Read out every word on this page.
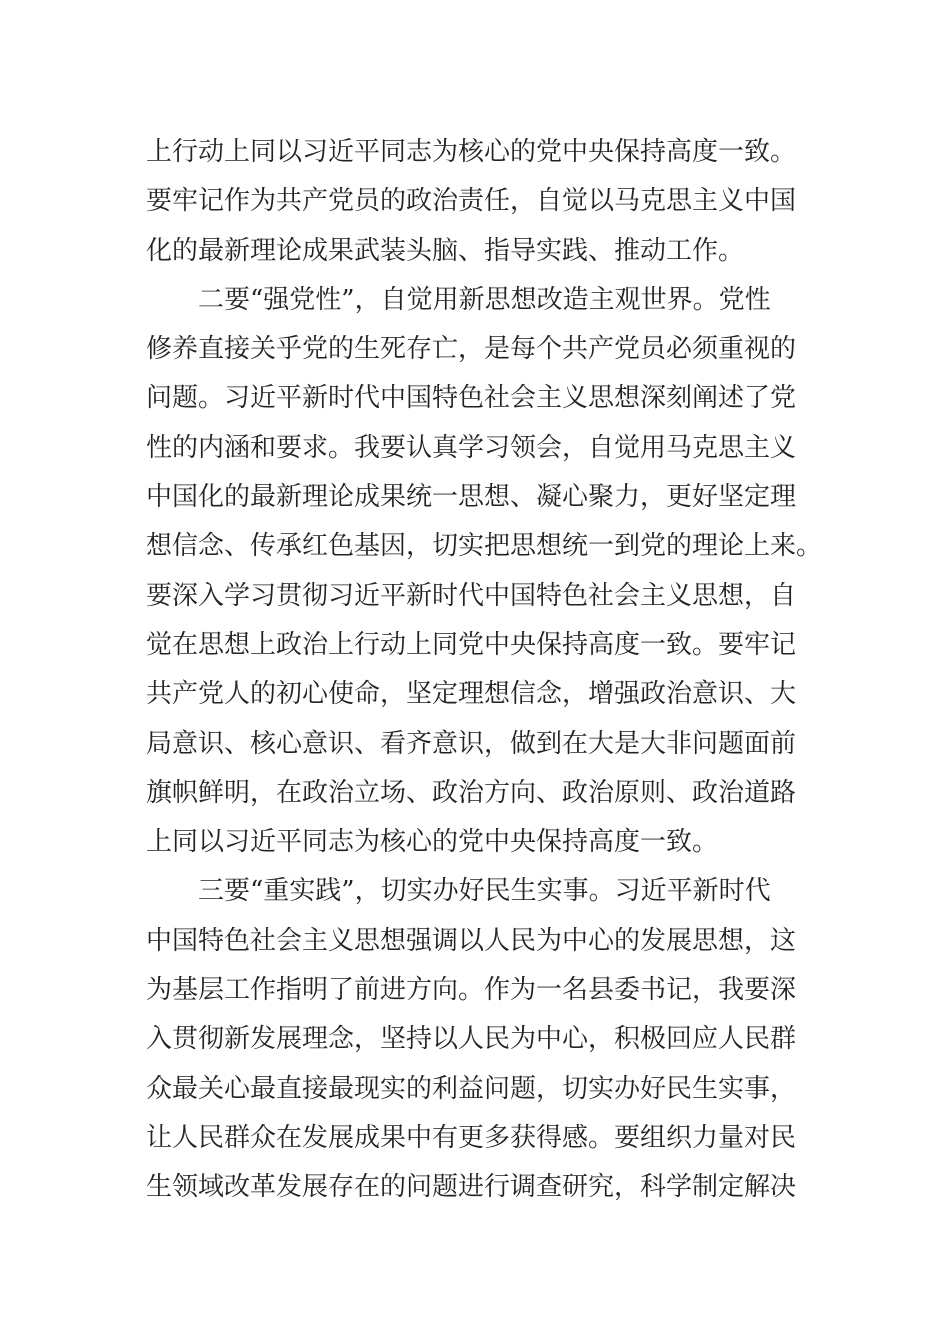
上行动上同以习近平同志为核心的党中央保持高度一致。
要牢记作为共产党员的政治责任，自觉以马克思主义中国
化的最新理论成果武装头脑、指导实践、推动工作。
二要“强党性”，自觉用新思想改造主观世界。党性
修养直接关乎党的生死存亡，是每个共产党员必须重视的
问题。习近平新时代中国特色社会主义思想深刻阐述了党
性的内涵和要求。我要认真学习领会，自觉用马克思主义
中国化的最新理论成果统一思想、凝心聚力，更好坚定理
想信念、传承红色基因，切实把思想统一到党的理论上来。
要深入学习贯彻习近平新时代中国特色社会主义思想，自
觉在思想上政治上行动上同党中央保持高度一致。要牢记
共产党人的初心使命，坚定理想信念，增强政治意识、大
局意识、核心意识、看齐意识，做到在大是大非问题面前
旗帜鲜明，在政治立场、政治方向、政治原则、政治道路
上同以习近平同志为核心的党中央保持高度一致。
三要“重实践”，切实办好民生实事。习近平新时代
中国特色社会主义思想强调以人民为中心的发展思想，这
为基层工作指明了前进方向。作为一名县委书记，我要深
入贯彻新发展理念，坚持以人民为中心，积极回应人民群
众最关心最直接最现实的利益问题，切实办好民生实事，
让人民群众在发展成果中有更多获得感。要组织力量对民
生领域改革发展存在的问题进行调查研究，科学制定解决
